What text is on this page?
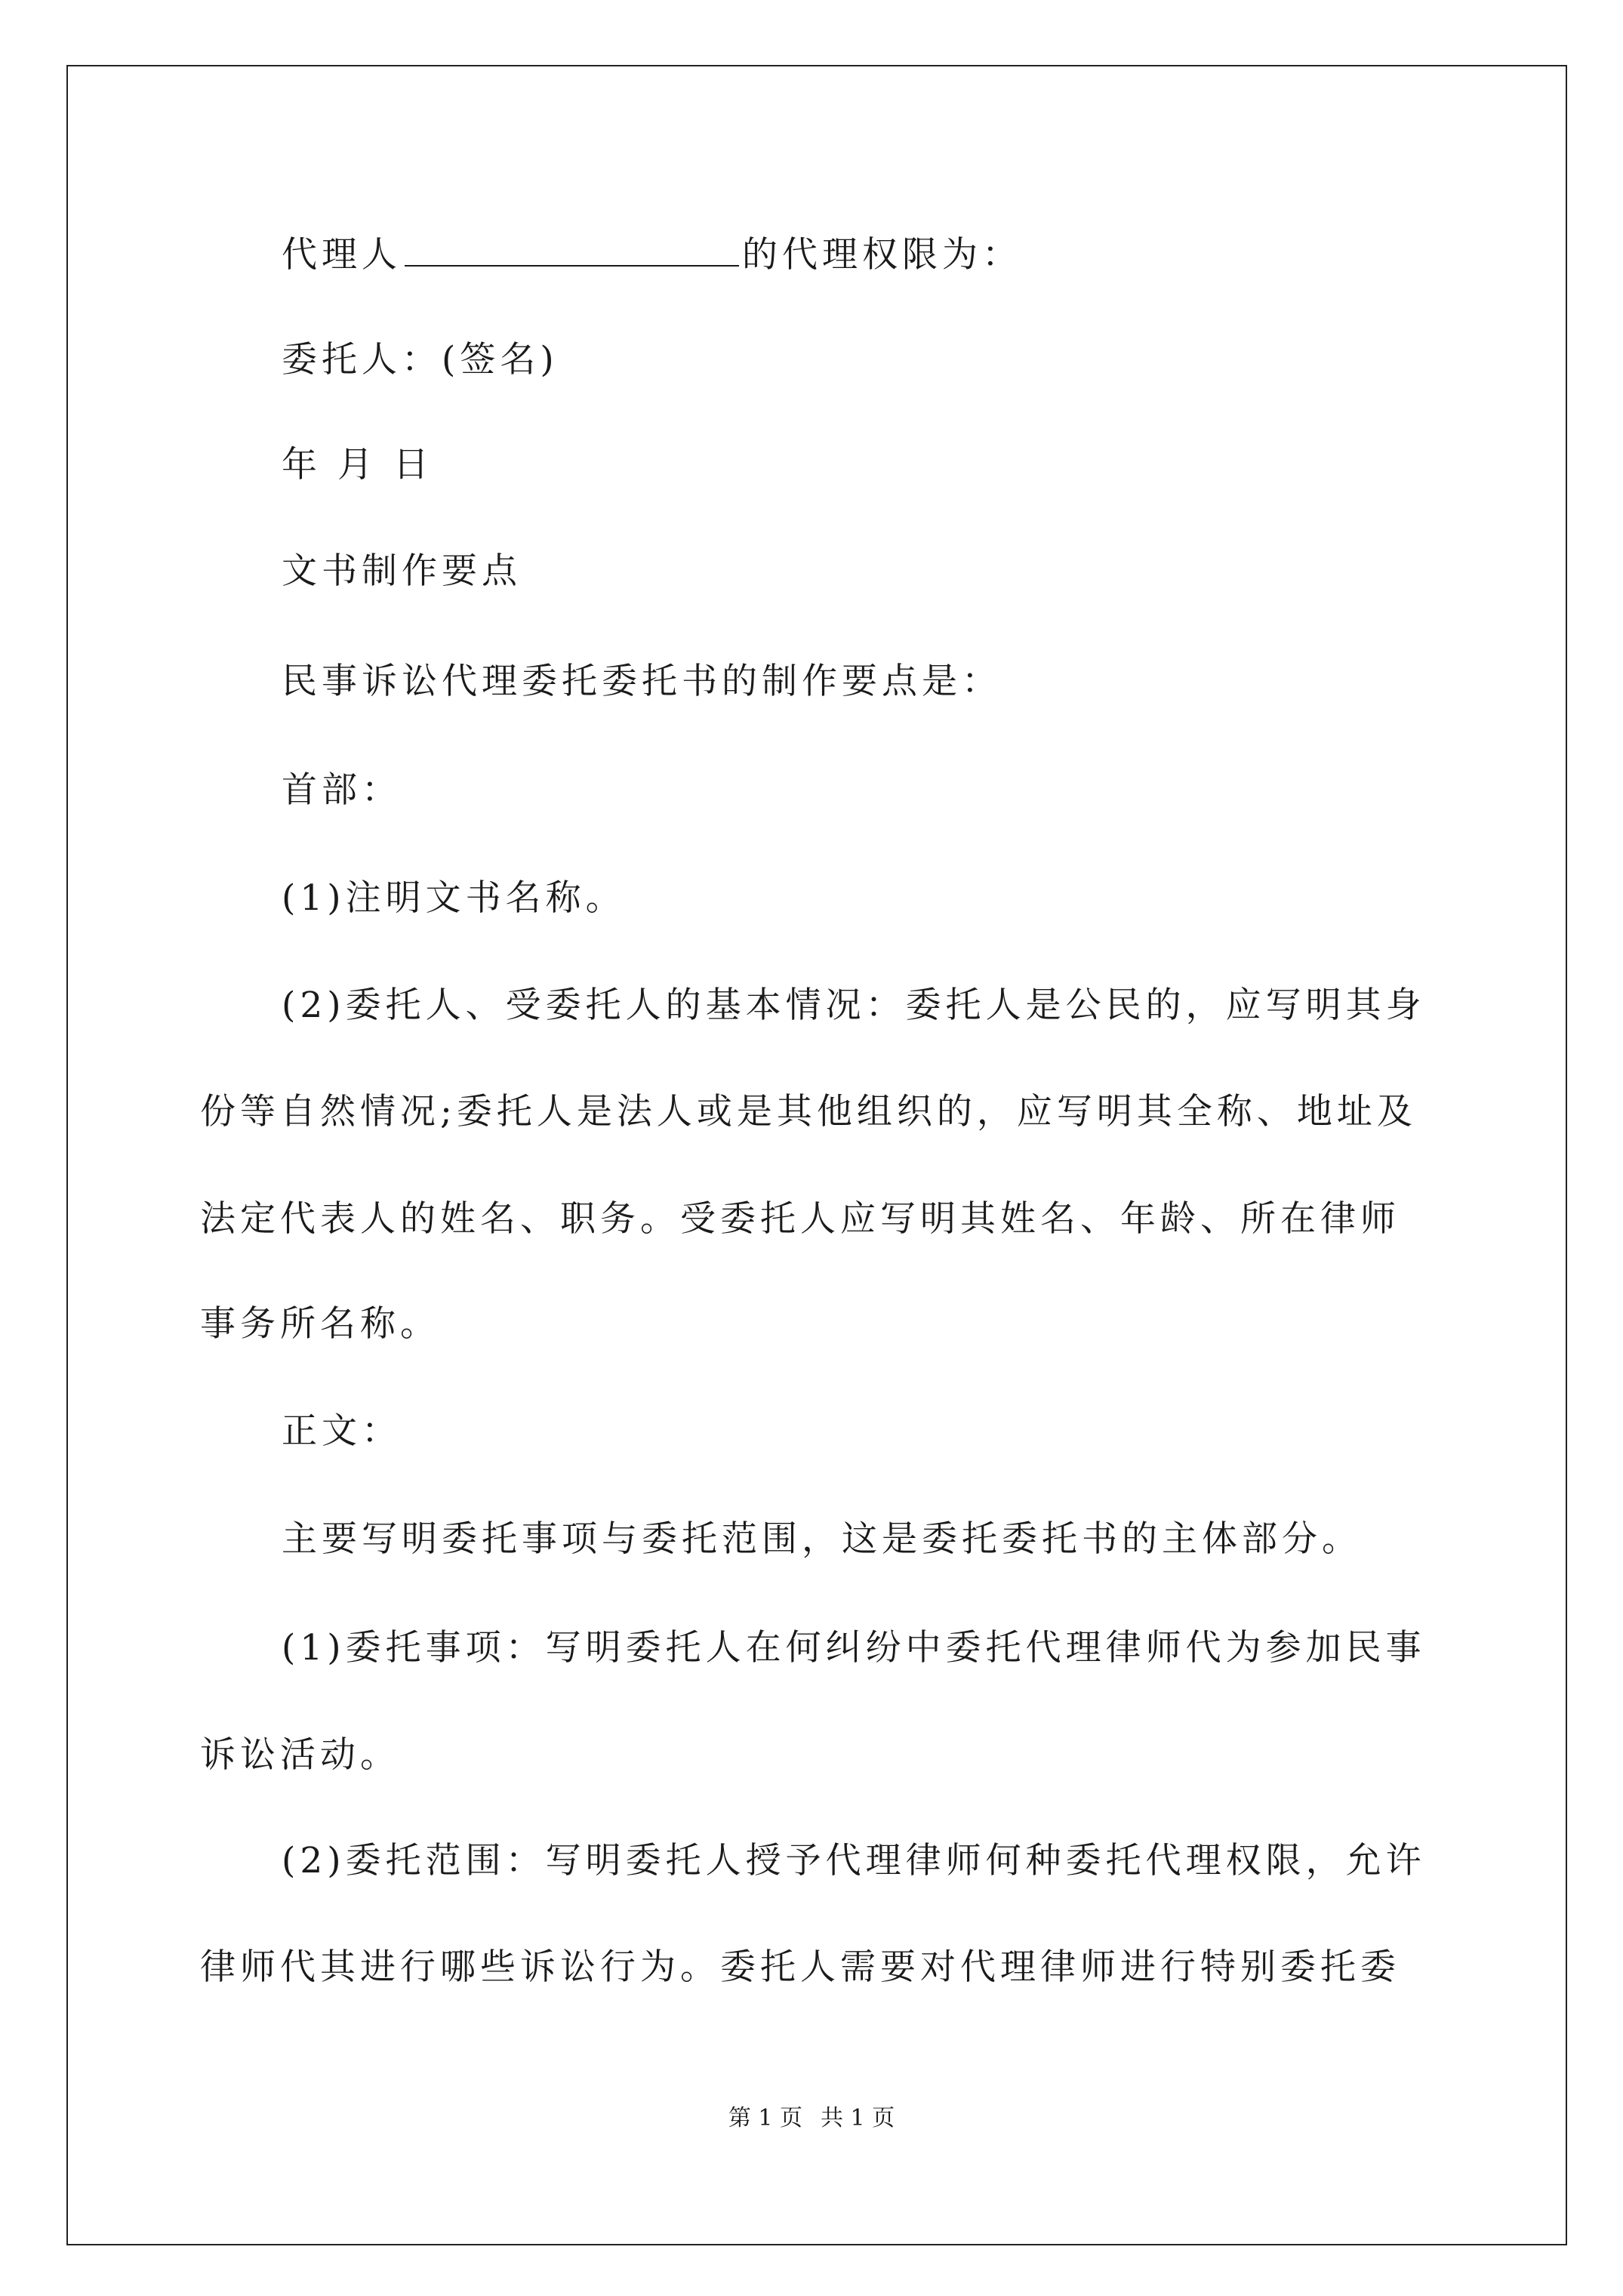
代理人	的代理权限为：
委托人：(签名)
年 月 日
文书制作要点
民事诉讼代理委托委托书的制作要点是：
首部：
(1)注明文书名称。
(2)委托人、受委托人的基本情况：委托人是公民的，应写明其身
份等自然情况;委托人是法人或是其他组织的，应写明其全称、地址及
法定代表人的姓名、职务。受委托人应写明其姓名、年龄、所在律师
事务所名称。
正文：
主要写明委托事项与委托范围，这是委托委托书的主体部分。
(1)委托事项：写明委托人在何纠纷中委托代理律师代为参加民事
诉讼活动。
(2)委托范围：写明委托人授予代理律师何种委托代理权限，允许
律师代其进行哪些诉讼行为。委托人需要对代理律师进行特别委托委
第 1 页 共 1 页
